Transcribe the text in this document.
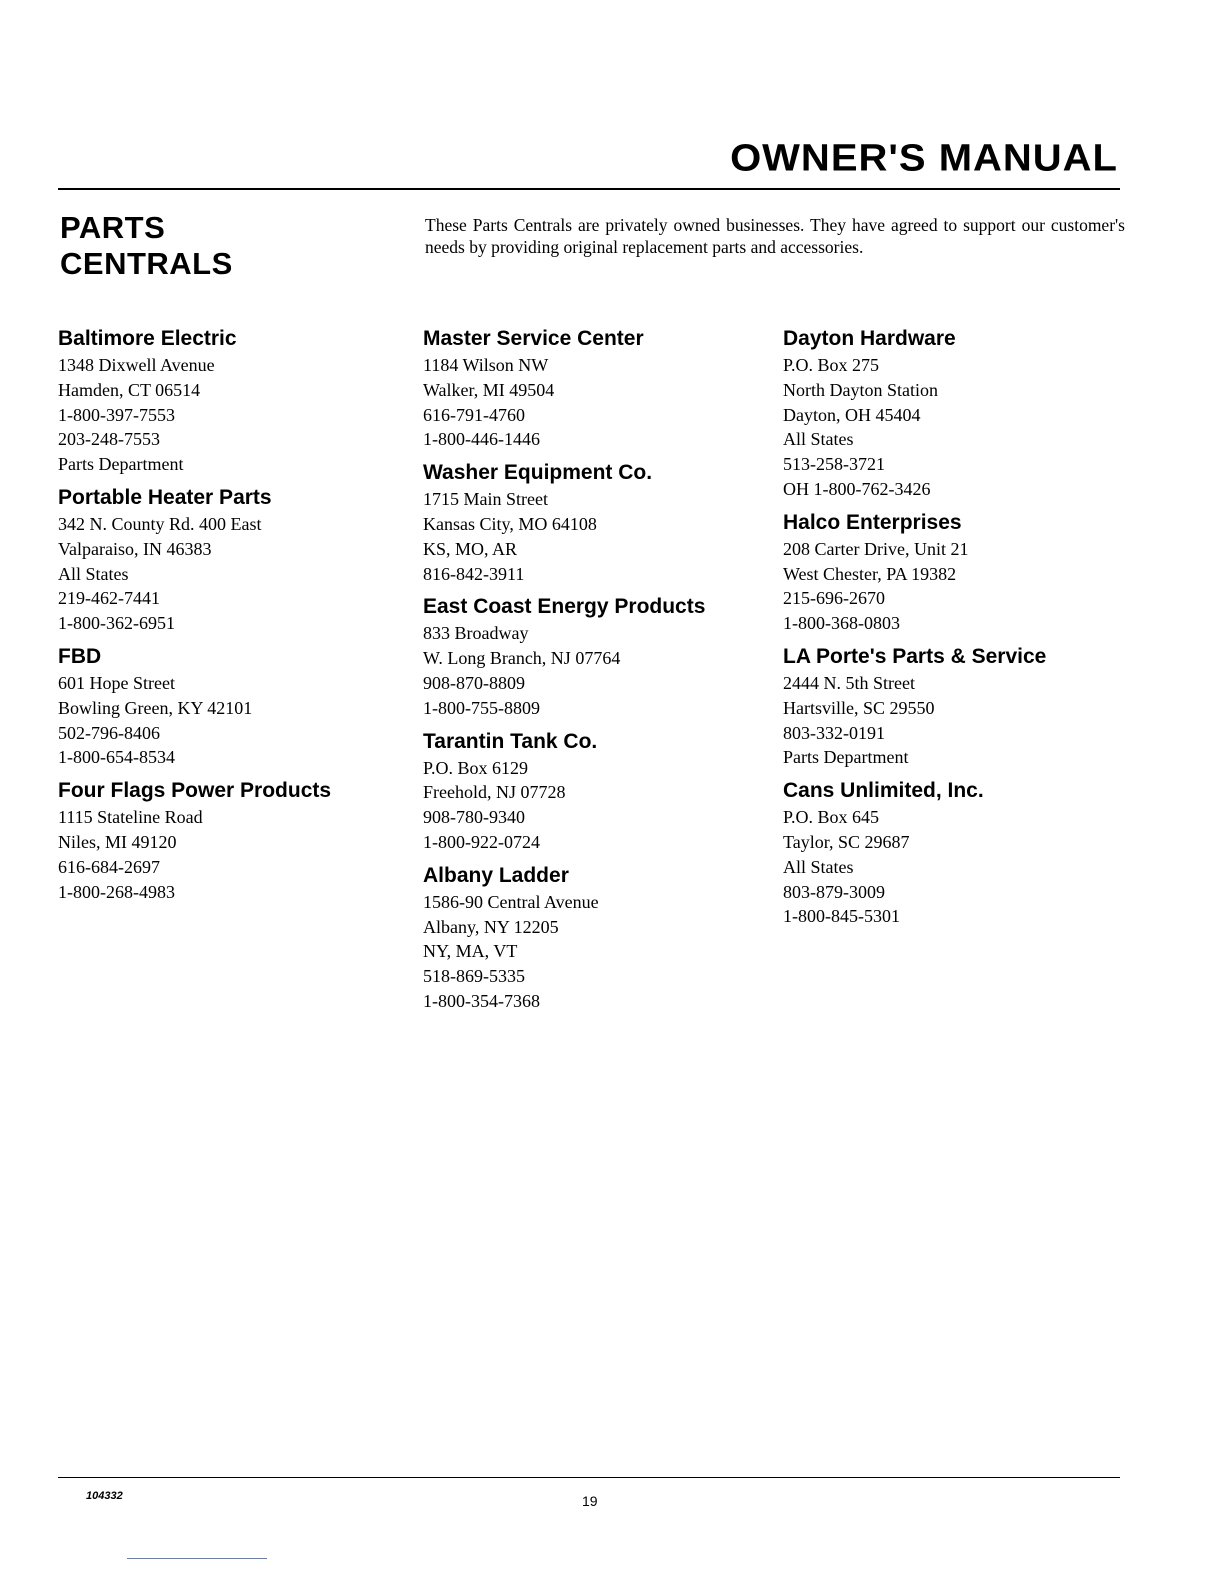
OWNER'S MANUAL
PARTS
CENTRALS

These Parts Centrals are privately owned businesses. They have agreed to support our customer's needs by providing original replacement parts and accessories.

Baltimore Electric

1348 Dixwell Avenue

Hamden, CT 06514

1-800-397-7553

203-248-7553

Parts Department

Portable Heater Parts

342 N. County Rd. 400 East

Valparaiso, IN 46383

All States

219-462-7441

1-800-362-6951

FBD

601 Hope Street

Bowling Green, KY 42101

502-796-8406

1-800-654-8534

Four Flags Power Products

1115 Stateline Road

Niles, MI 49120

616-684-2697

1-800-268-4983

Master Service Center

1184 Wilson NW

Walker, MI 49504

616-791-4760

1-800-446-1446

Washer Equipment Co.

1715 Main Street

Kansas City, MO 64108

KS, MO, AR

816-842-3911

East Coast Energy Products

833 Broadway

W. Long Branch, NJ 07764

908-870-8809

1-800-755-8809

Tarantin Tank Co.

P.O. Box 6129

Freehold, NJ 07728

908-780-9340

1-800-922-0724

Albany Ladder

1586-90 Central Avenue

Albany, NY 12205

NY, MA, VT

518-869-5335

1-800-354-7368

Dayton Hardware

P.O. Box 275

North Dayton Station

Dayton, OH 45404

All States

513-258-3721

OH 1-800-762-3426

Halco Enterprises

208 Carter Drive, Unit 21

West Chester, PA 19382

215-696-2670

1-800-368-0803

LA Porte's Parts & Service

2444 N. 5th Street

Hartsville, SC 29550

803-332-0191

Parts Department

Cans Unlimited, Inc.

P.O. Box 645

Taylor, SC 29687

All States

803-879-3009

1-800-845-5301

104332	19
